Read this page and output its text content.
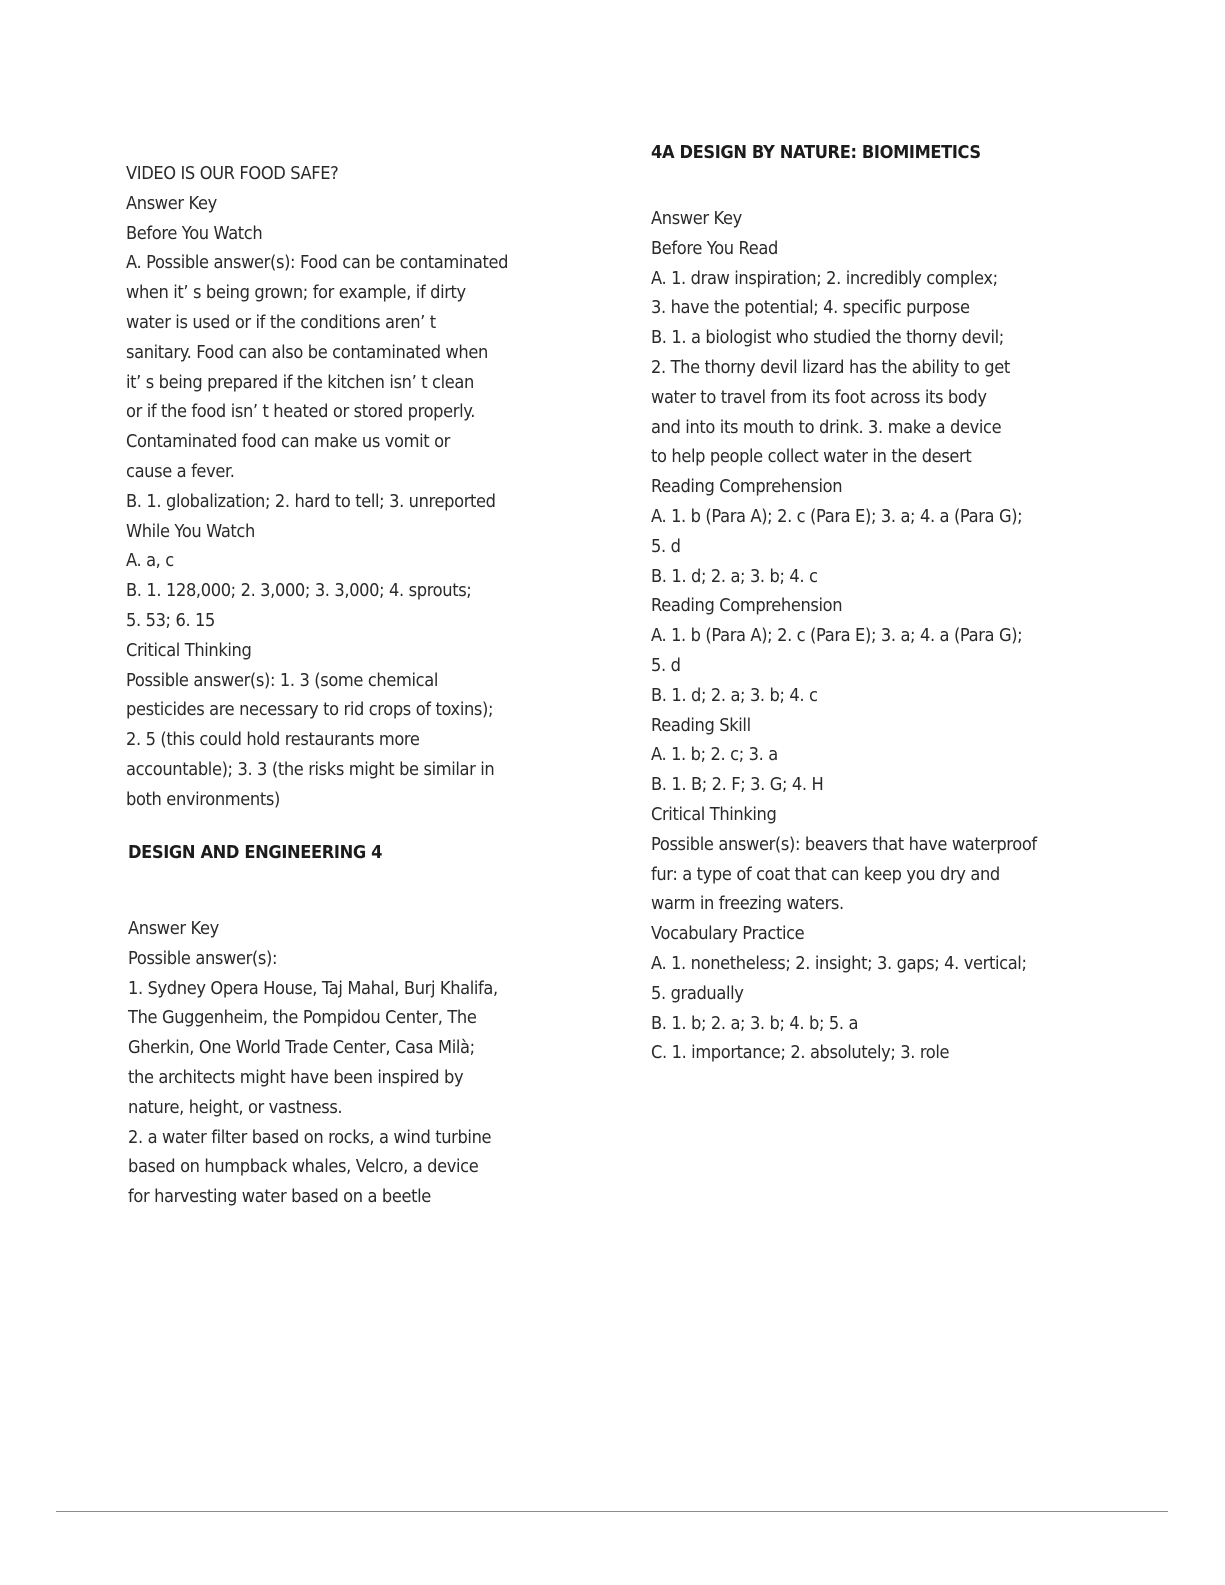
VIDEO IS OUR FOOD SAFE?
Answer Key
Before You Watch
A. Possible answer(s): Food can be contaminated
when it’ s being grown; for example, if dirty
water is used or if the conditions aren’ t
sanitary. Food can also be contaminated when
it’ s being prepared if the kitchen isn’ t clean
or if the food isn’ t heated or stored properly.
Contaminated food can make us vomit or
cause a fever.
B. 1. globalization; 2. hard to tell; 3. unreported
While You Watch
A. a, c
B. 1. 128,000; 2. 3,000; 3. 3,000; 4. sprouts;
5. 53; 6. 15
Critical Thinking
Possible answer(s): 1. 3 (some chemical
pesticides are necessary to rid crops of toxins);
2. 5 (this could hold restaurants more
accountable); 3. 3 (the risks might be similar in
both environments)
DESIGN AND ENGINEERING 4
Answer Key
Possible answer(s):
1. Sydney Opera House, Taj Mahal, Burj Khalifa,
The Guggenheim, the Pompidou Center, The
Gherkin, One World Trade Center, Casa Milà;
the architects might have been inspired by
nature, height, or vastness.
2. a water filter based on rocks, a wind turbine
based on humpback whales, Velcro, a device
for harvesting water based on a beetle
4A DESIGN BY NATURE: BIOMIMETICS
Answer Key
Before You Read
A. 1. draw inspiration; 2. incredibly complex;
3. have the potential; 4. specific purpose
B. 1. a biologist who studied the thorny devil;
2. The thorny devil lizard has the ability to get
water to travel from its foot across its body
and into its mouth to drink. 3. make a device
to help people collect water in the desert
Reading Comprehension
A. 1. b (Para A); 2. c (Para E); 3. a; 4. a (Para G);
5. d
B. 1. d; 2. a; 3. b; 4. c
Reading Comprehension
A. 1. b (Para A); 2. c (Para E); 3. a; 4. a (Para G);
5. d
B. 1. d; 2. a; 3. b; 4. c
Reading Skill
A. 1. b; 2. c; 3. a
B. 1. B; 2. F; 3. G; 4. H
Critical Thinking
Possible answer(s): beavers that have waterproof
fur: a type of coat that can keep you dry and
warm in freezing waters.
Vocabulary Practice
A. 1. nonetheless; 2. insight; 3. gaps; 4. vertical;
5. gradually
B. 1. b; 2. a; 3. b; 4. b; 5. a
C. 1. importance; 2. absolutely; 3. role
